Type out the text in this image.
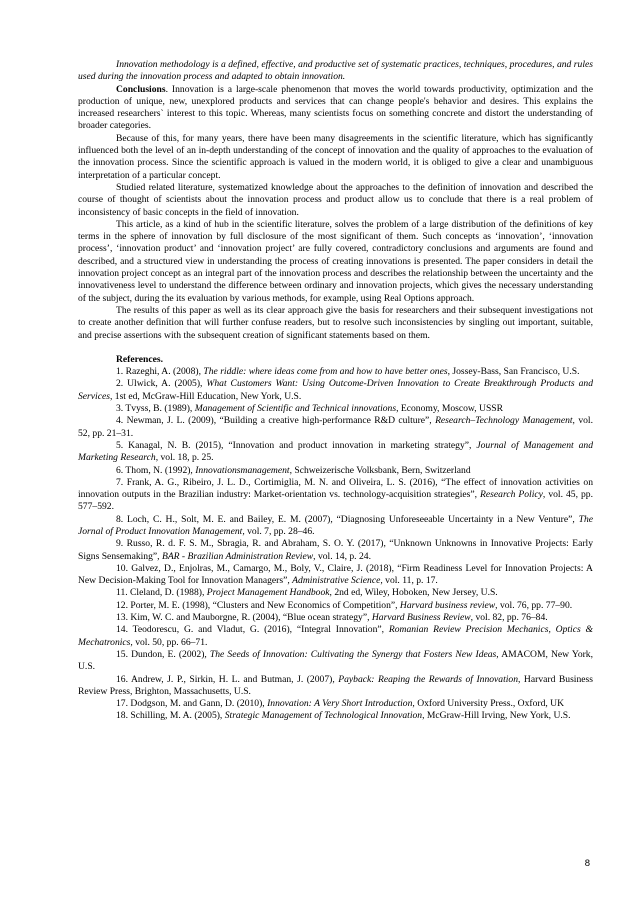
Innovation methodology is a defined, effective, and productive set of systematic practices, techniques, procedures, and rules used during the innovation process and adapted to obtain innovation.

Conclusions. Innovation is a large-scale phenomenon that moves the world towards productivity, optimization and the production of unique, new, unexplored products and services that can change people's behavior and desires. This explains the increased researchers` interest to this topic. Whereas, many scientists focus on something concrete and distort the understanding of broader categories.

Because of this, for many years, there have been many disagreements in the scientific literature, which has significantly influenced both the level of an in-depth understanding of the concept of innovation and the quality of approaches to the evaluation of the innovation process. Since the scientific approach is valued in the modern world, it is obliged to give a clear and unambiguous interpretation of a particular concept.

Studied related literature, systematized knowledge about the approaches to the definition of innovation and described the course of thought of scientists about the innovation process and product allow us to conclude that there is a real problem of inconsistency of basic concepts in the field of innovation.

This article, as a kind of hub in the scientific literature, solves the problem of a large distribution of the definitions of key terms in the sphere of innovation by full disclosure of the most significant of them. Such concepts as ‘innovation’, ‘innovation process’, ‘innovation product’ and ‘innovation project’ are fully covered, contradictory conclusions and arguments are found and described, and a structured view in understanding the process of creating innovations is presented. The paper considers in detail the innovation project concept as an integral part of the innovation process and describes the relationship between the uncertainty and the innovativeness level to understand the difference between ordinary and innovation projects, which gives the necessary understanding of the subject, during the its evaluation by various methods, for example, using Real Options approach.

The results of this paper as well as its clear approach give the basis for researchers and their subsequent investigations not to create another definition that will further confuse readers, but to resolve such inconsistencies by singling out important, suitable, and precise assertions with the subsequent creation of significant statements based on them.

References.

1. Razeghi, A. (2008), The riddle: where ideas come from and how to have better ones, Jossey-Bass, San Francisco, U.S.

2. Ulwick, A. (2005), What Customers Want: Using Outcome-Driven Innovation to Create Breakthrough Products and Services, 1st ed, McGraw-Hill Education, New York, U.S.

3. Tvyss, B. (1989), Management of Scientific and Technical innovations, Economy, Moscow, USSR

4. Newman, J. L. (2009), “Building a creative high-performance R&D culture”, Research–Technology Management, vol. 52, pp. 21–31.

5. Kanagal, N. B. (2015), “Innovation and product innovation in marketing strategy”, Journal of Management and Marketing Research, vol. 18, p. 25.

6. Thom, N. (1992), Innovationsmanagement, Schweizerische Volksbank, Bern, Switzerland

7. Frank, A. G., Ribeiro, J. L. D., Cortimiglia, M. N. and Oliveira, L. S. (2016), “The effect of innovation activities on innovation outputs in the Brazilian industry: Market-orientation vs. technology-acquisition strategies”, Research Policy, vol. 45, pp. 577–592.

8. Loch, C. H., Solt, M. E. and Bailey, E. M. (2007), “Diagnosing Unforeseeable Uncertainty in a New Venture”, The Jornal of Product Innovation Management, vol. 7, pp. 28–46.

9. Russo, R. d. F. S. M., Sbragia, R. and Abraham, S. O. Y. (2017), “Unknown Unknowns in Innovative Projects: Early Signs Sensemaking”, BAR - Brazilian Administration Review, vol. 14, p. 24.

10. Galvez, D., Enjolras, M., Camargo, M., Boly, V., Claire, J. (2018), “Firm Readiness Level for Innovation Projects: A New Decision-Making Tool for Innovation Managers”, Administrative Science, vol. 11, p. 17.

11. Cleland, D. (1988), Project Management Handbook, 2nd ed, Wiley, Hoboken, New Jersey, U.S.

12. Porter, M. E. (1998), “Clusters and New Economics of Competition”, Harvard business review, vol. 76, pp. 77–90.

13. Kim, W. C. and Mauborgne, R. (2004), “Blue ocean strategy”, Harvard Business Review, vol. 82, pp. 76–84.

14. Teodorescu, G. and Vladut, G. (2016), “Integral Innovation”, Romanian Review Precision Mechanics, Optics & Mechatronics, vol. 50, pp. 66–71.

15. Dundon, E. (2002), The Seeds of Innovation: Cultivating the Synergy that Fosters New Ideas, AMACOM, New York, U.S.

16. Andrew, J. P., Sirkin, H. L. and Butman, J. (2007), Payback: Reaping the Rewards of Innovation, Harvard Business Review Press, Brighton, Massachusetts, U.S.

17. Dodgson, M. and Gann, D. (2010), Innovation: A Very Short Introduction, Oxford University Press., Oxford, UK

18. Schilling, M. A. (2005), Strategic Management of Technological Innovation, McGraw-Hill Irving, New York, U.S.

8
